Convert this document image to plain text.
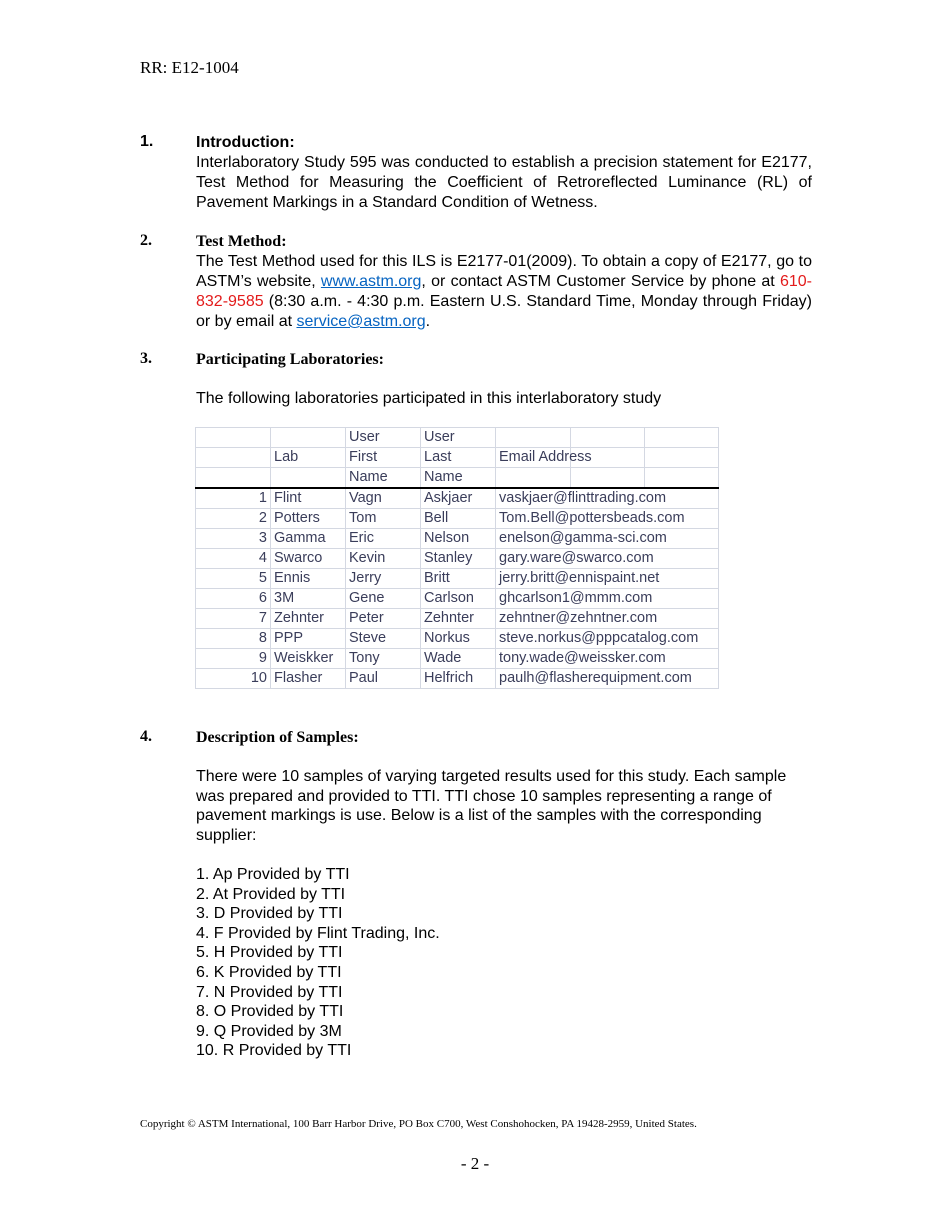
RR: E12-1004
1.	Introduction:
Interlaboratory Study 595 was conducted to establish a precision statement for E2177, Test Method for Measuring the Coefficient of Retroreflected Luminance (RL) of Pavement Markings in a Standard Condition of Wetness.
2.	Test Method:
The Test Method used for this ILS is E2177-01(2009). To obtain a copy of E2177, go to ASTM’s website, www.astm.org, or contact ASTM Customer Service by phone at 610-832-9585 (8:30 a.m. - 4:30 p.m. Eastern U.S. Standard Time, Monday through Friday) or by email at service@astm.org.
3.	Participating Laboratories:
The following laboratories participated in this interlaboratory study
		User	User			
	Lab	First	Last	Email Address		
		Name	Name			
1	Flint	Vagn	Askjaer	vaskjaer@flinttrading.com		
2	Potters	Tom	Bell	Tom.Bell@pottersbeads.com		
3	Gamma	Eric	Nelson	enelson@gamma-sci.com		
4	Swarco	Kevin	Stanley	gary.ware@swarco.com		
5	Ennis	Jerry	Britt	jerry.britt@ennispaint.net		
6	3M	Gene	Carlson	ghcarlson1@mmm.com		
7	Zehnter	Peter	Zehnter	zehntner@zehntner.com		
8	PPP	Steve	Norkus	steve.norkus@pppcatalog.com		
9	Weiskker	Tony	Wade	tony.wade@weissker.com		
10	Flasher	Paul	Helfrich	paulh@flasherequipment.com		
4.	Description of Samples:
There were 10 samples of varying targeted results used for this study. Each sample was prepared and provided to TTI. TTI chose 10 samples representing a range of pavement markings is use. Below is a list of the samples with the corresponding supplier:
1. Ap Provided by TTI
2. At Provided by TTI
3. D Provided by TTI
4. F Provided by Flint Trading, Inc.
5. H Provided by TTI
6. K Provided by TTI
7. N Provided by TTI
8. O Provided by TTI
9. Q Provided by 3M
10. R Provided by TTI
Copyright © ASTM International, 100 Barr Harbor Drive, PO Box C700, West Conshohocken, PA 19428-2959, United States.
- 2 -
